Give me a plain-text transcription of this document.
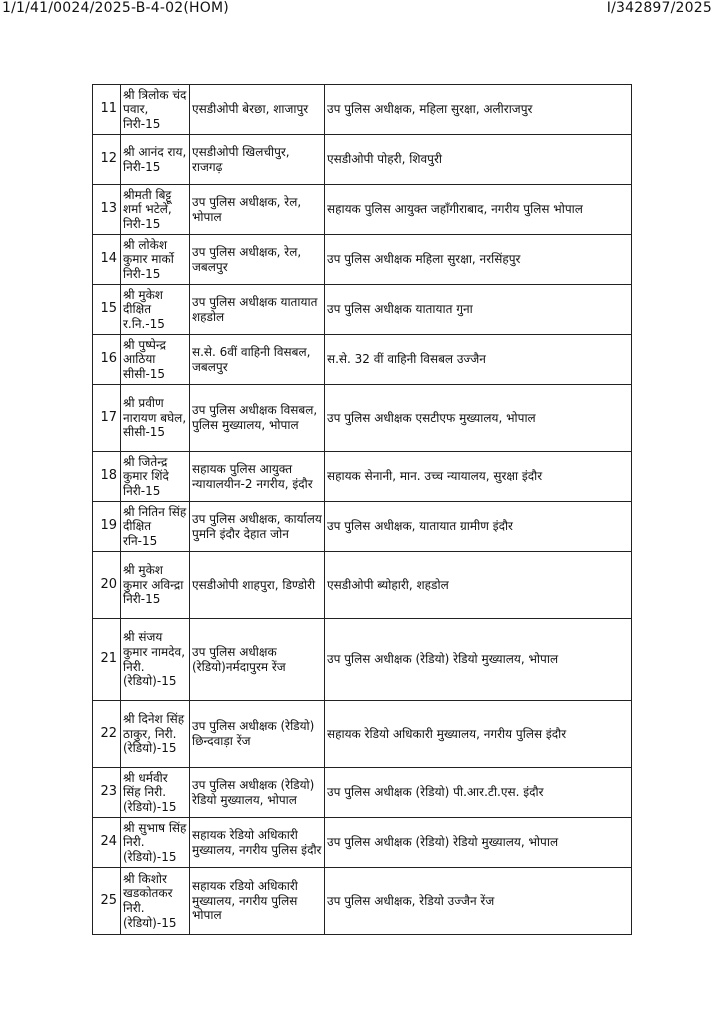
1/1/41/0024/2025-B-4-02(HOM)	I/342897/2025
11	श्री त्रिलोक चंद पवार, निरी-15	एसडीओपी बेरछा, शाजापुर	उप पुलिस अधीक्षक, महिला सुरक्षा, अलीराजपुर
12	श्री आनंद राय, निरी-15	एसडीओपी खिलचीपुर, राजगढ़	एसडीओपी पोहरी, शिवपुरी
13	श्रीमती बिट्टू शर्मा भटेले, निरी-15	उप पुलिस अधीक्षक, रेल, भोपाल	सहायक पुलिस आयुक्त जहाँगीराबाद, नगरीय पुलिस भोपाल
14	श्री लोकेश कुमार मार्को निरी-15	उप पुलिस अधीक्षक, रेल, जबलपुर	उप पुलिस अधीक्षक महिला सुरक्षा, नरसिंहपुर
15	श्री मुकेश दीक्षित र.नि.-15	उप पुलिस अधीक्षक यातायात शहडोल	उप पुलिस अधीक्षक यातायात गुना
16	श्री पुष्पेन्द्र आठिया सीसी-15	स.से. 6वीं वाहिनी विसबल, जबलपुर	स.से. 32 वीं वाहिनी विसबल उज्जैन
17	श्री प्रवीण नारायण बघेल, सीसी-15	उप पुलिस अधीक्षक विसबल, पुलिस मुख्यालय, भोपाल	उप पुलिस अधीक्षक एसटीएफ मुख्यालय, भोपाल
18	श्री जितेन्द्र कुमार शिंदे निरी-15	सहायक पुलिस आयुक्त न्यायालयीन-2 नगरीय, इंदौर	सहायक सेनानी, मान. उच्च न्यायालय, सुरक्षा इंदौर
19	श्री नितिन सिंह दीक्षित रनि-15	उप पुलिस अधीक्षक, कार्यालय पुमनि इंदौर देहात जोन	उप पुलिस अधीक्षक, यातायात ग्रामीण इंदौर
20	श्री मुकेश कुमार अविन्द्रा निरी-15	एसडीओपी शाहपुरा, डिण्डोरी	एसडीओपी ब्योहारी, शहडोल
21	श्री संजय कुमार नामदेव, निरी. (रेडियो)-15	उप पुलिस अधीक्षक (रेडियो)नर्मदापुरम रेंज	उप पुलिस अधीक्षक (रेडियो) रेडियो मुख्यालय, भोपाल
22	श्री दिनेश सिंह ठाकुर, निरी. (रेडियो)-15	उप पुलिस अधीक्षक (रेडियो) छिन्दवाड़ा रेंज	सहायक रेडियो अधिकारी मुख्यालय, नगरीय पुलिस इंदौर
23	श्री धर्मवीर सिंह निरी. (रेडियो)-15	उप पुलिस अधीक्षक (रेडियो) रेडियो मुख्यालय, भोपाल	उप पुलिस अधीक्षक (रेडियो) पी.आर.टी.एस. इंदौर
24	श्री सुभाष सिंह निरी. (रेडियो)-15	सहायक रेडियो अधिकारी मुख्यालय, नगरीय पुलिस इंदौर	उप पुलिस अधीक्षक (रेडियो) रेडियो मुख्यालय, भोपाल
25	श्री किशोर खडकोतकर निरी. (रेडियो)-15	सहायक रडियो अधिकारी मुख्यालय, नगरीय पुलिस भोपाल	उप पुलिस अधीक्षक, रेडियो उज्जैन रेंज
